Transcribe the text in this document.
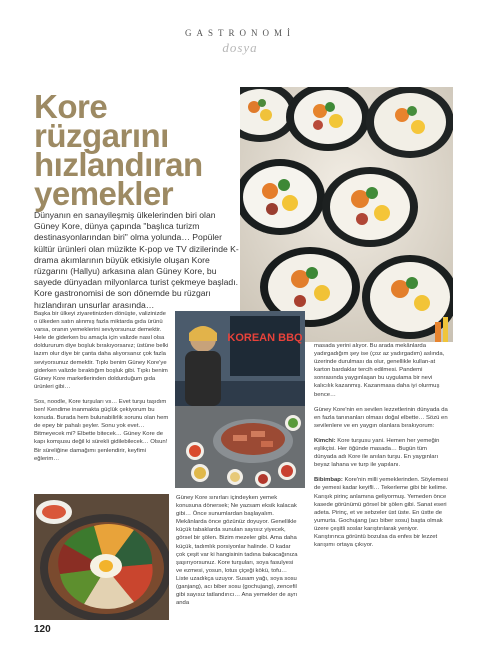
GASTRONOMİ
dosya
Kore rüzgarını hızlandıran yemekler
Dünyanın en sanayileşmiş ülkelerinden biri olan Güney Kore, dünya çapında "başlıca turizm destinasyonlarından biri" olma yolunda… Popüler kültür ürünleri olan müzikte K-pop ve TV dizilerinde K-drama akımlarının büyük etkisiyle oluşan Kore rüzgarını (Hallyu) arkasına alan Güney Kore, bu sayede dünyadan milyonlarca turist çekmeye başladı. Kore gastronomisi de son dönemde bu rüzgarı hızlandıran unsurlar arasında…

Başka bir ülkeyi ziyaretinizden dönüşte, valizinizde o ülkeden satın alınmış fazla miktarda gıda ürünü varsa, oranın yemeklerini seviyorsunuz demektir. Hele de giderken bu amaçla için valizde nasıl olsa doldururum diye boşluk bırakıyorsanız; üstüne belki lazım olur diye bir çanta daha alıyorsanız çok fazla seviyorsunuz demektir. Tıpkı benim Güney Kore'ye giderken valizde bıraktığım boşluk gibi. Tıpkı benim Güney Kore marketlerinden doldurduğum gıda ürünleri gibi…

Sos, noodle, Kore turşuları vs… Evet turşu taşıdım ben! Kendime inanmakta güçlük çekiyorum bu konuda. Burada hem bulunabilirlik sorunu olan hem de epey bir pahalı şeyler. Sonu yok evet… Bitmeyecek mi? Elbette bitecek… Güney Kore de kapı komşusu değil ki sürekli gidilebilecek… Olsun! Bir süreliğine damağımı şenlendirir, keyfimi eğlerim…

KOREAN BBQ

Güney Kore sınırları içindeyken yemek konusuna dönersek; Ne yazsam eksik kalacak gibi… Önce sunumlardan başlayalım. Mekânlarda önce gözünüz doyuyor. Genellikle küçük tabaklarda sunulan sayısız yiyecek, görsel bir şölen. Bizim mezeler gibi. Ama daha küçük, tadımlık porsiyonlar halinde. O kadar çok çeşit var ki hangisinin tadına bakacağınıza şaşırıyorsunuz. Kore turşuları, soya fasulyesi ve ezmesi, yosun, lotus çiçeği kökü, tofu… Liste uzadıkça uzuyor. Susam yağı, soya sosu (ganjang), acı biber sosu (gochujang), zencefil gibi sayısız tatlandırıcı… Ana yemekler de ayrı anda

masada yerini alıyor. Bu arada mekânlarda yadırgadığım şey ise (çoz az yadırgadım) aslında, üzerinde durulması da olur, genellikle kullan-at karton bardaklar tercih edilmesi. Pandemi sonrasında yaygınlaşan bu uygulama bir nevi kalıcılık kazanmış. Kazanmasa daha iyi olurmuş bence…

Güney Kore'nin en sevilen lezzetlerinin dünyada da en fazla tanınanları olması doğal elbette… Sözü en sevilenlere ve en yaygın olanlara bırakıyorum:

Kimchi: Kore turşusu yani. Hemen her yemeğin eşlikçisi. Her öğünde masada… Bugün tüm dünyada adı Kore ile anılan turşu. En yaygınları beyaz lahana ve turp ile yapılanı.

Bibimbap: Kore'nin milli yemeklerinden. Söylemesi de yemesi kadar keyifli… Tekerleme gibi bir kelime. Karışık pirinç anlamına geliyormuş. Yemeden önce kasede görünümü görsel bir şölen gibi. Sanat eseri adeta. Pirinç, et ve sebzeler üst üste. En üstte de yumurta. Gochujang (acı biber sosu) başta olmak üzere çeşitli soslar karıştırılarak yeniyor. Karıştırınca görüntü bozulsa da enfes bir lezzet karışımı ortaya çıkıyor.

120
